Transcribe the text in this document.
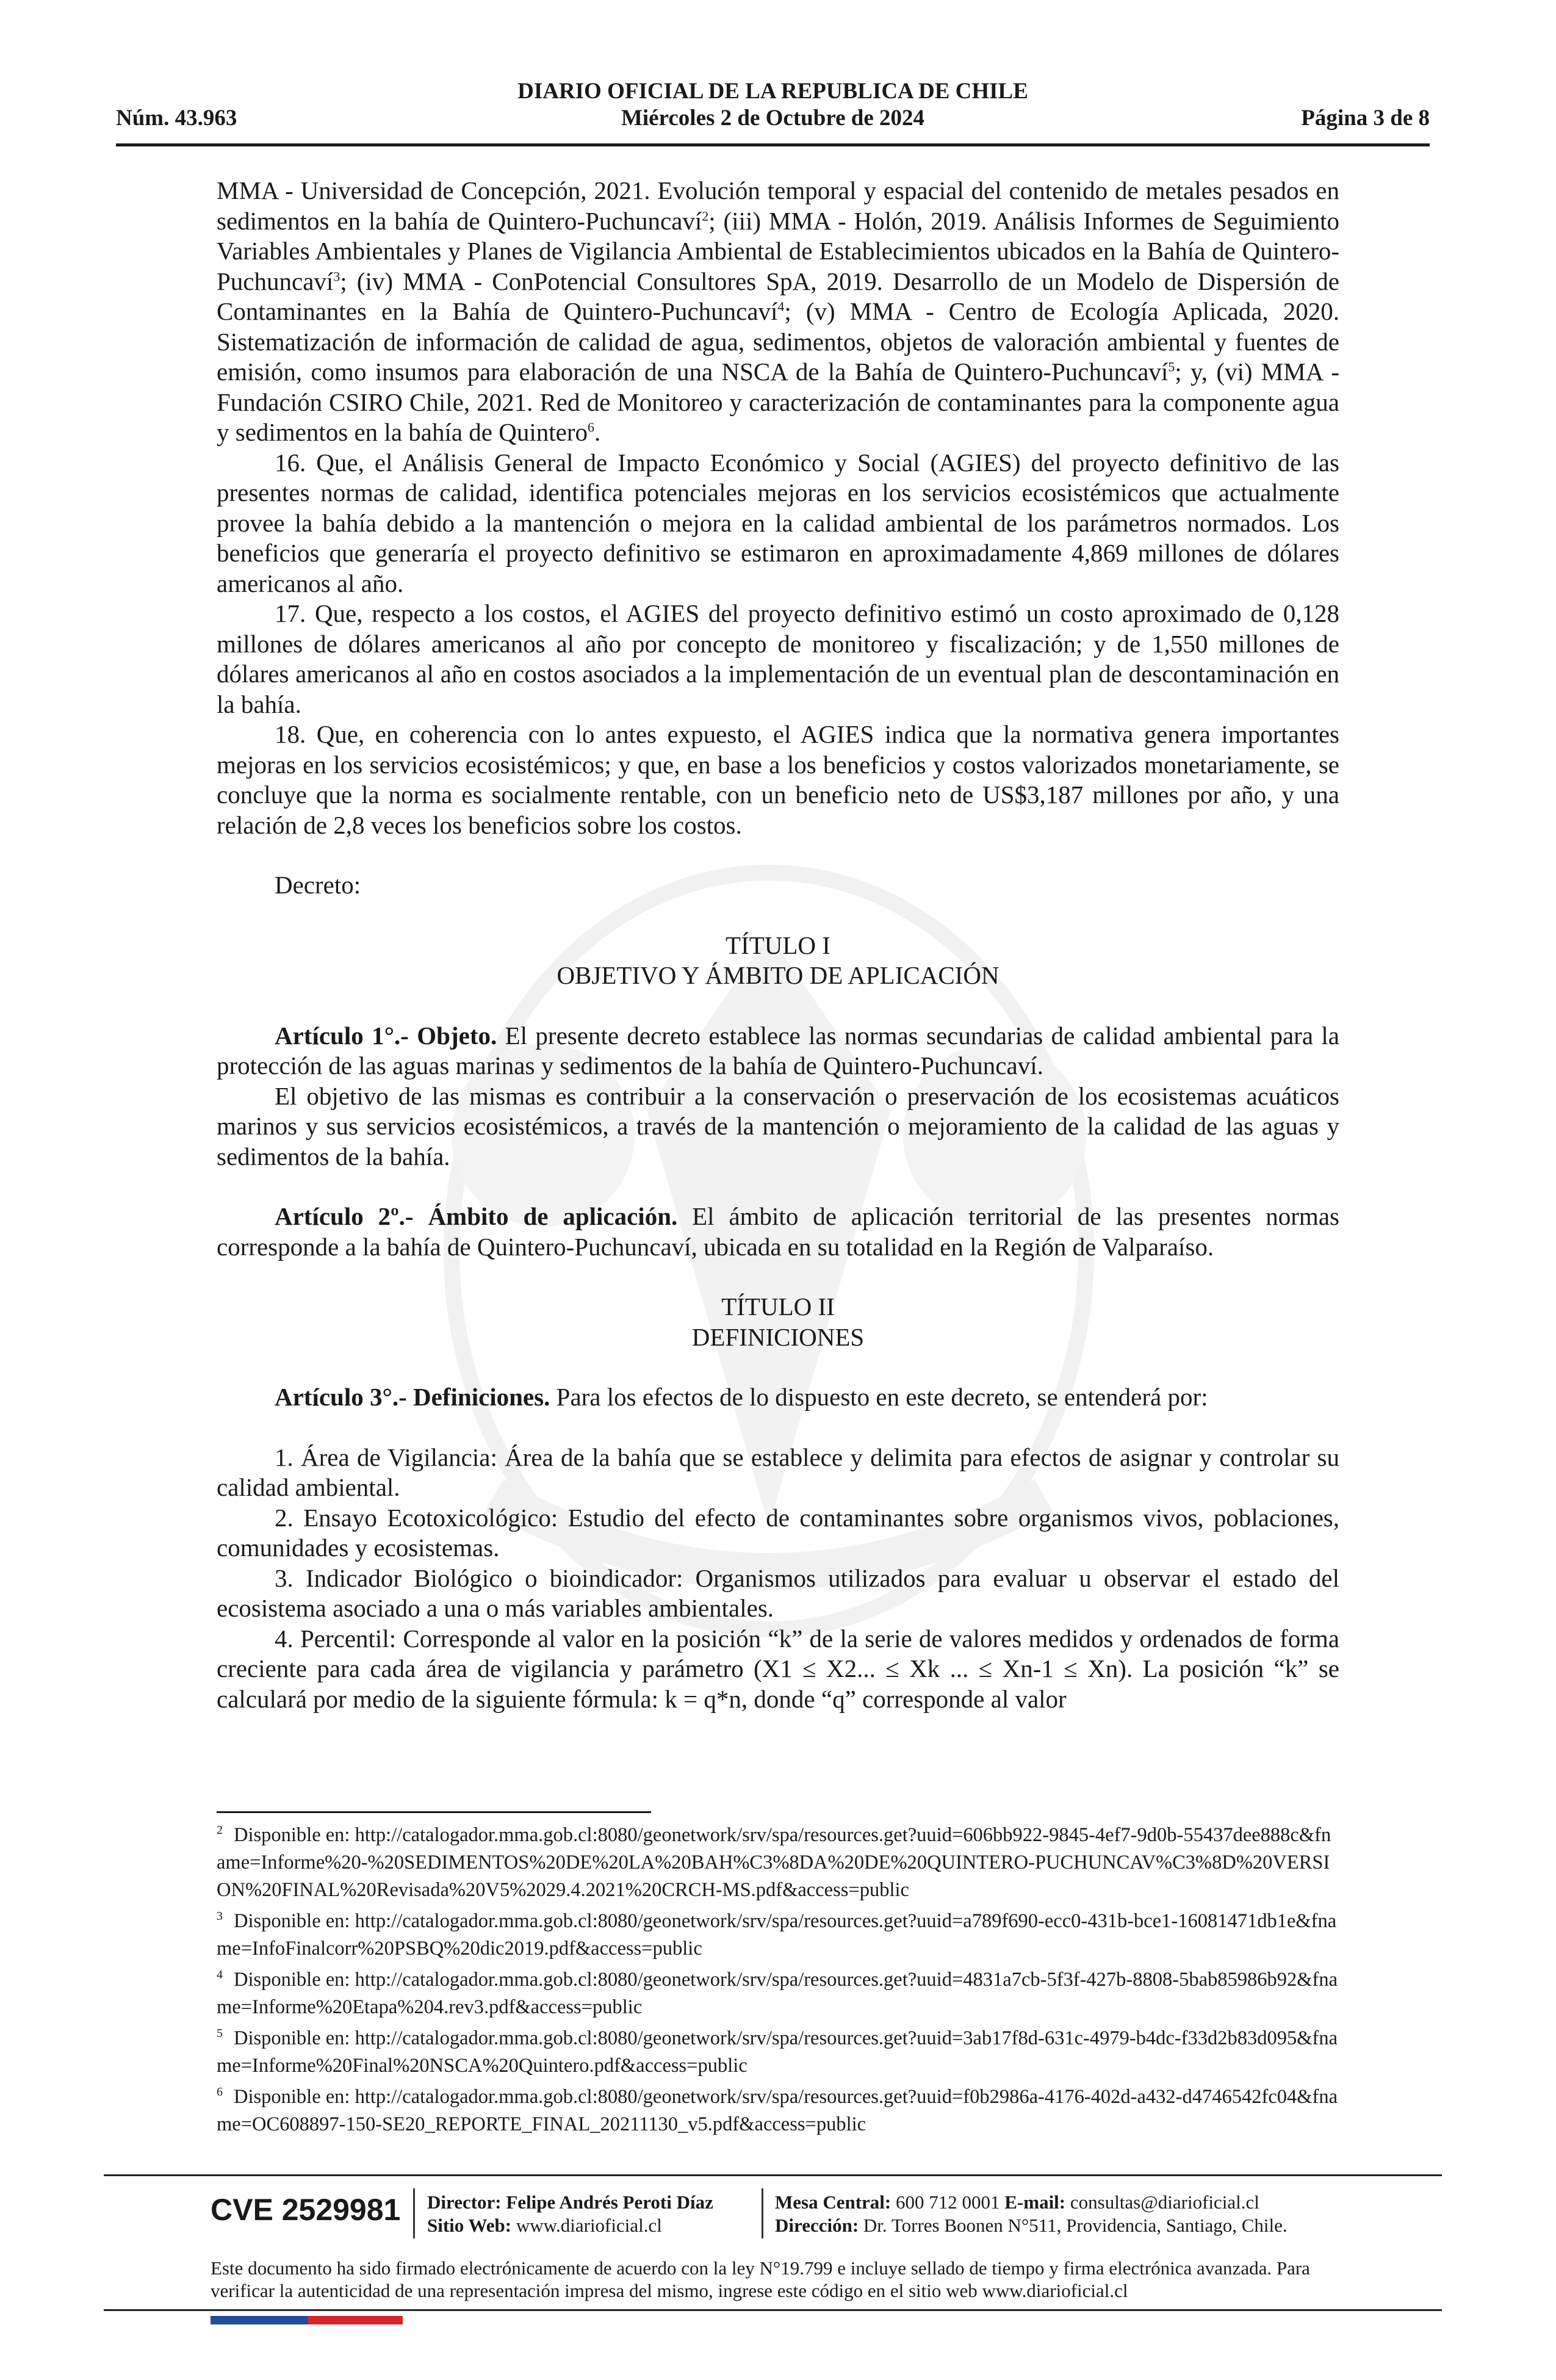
DIARIO OFICIAL DE LA REPUBLICA DE CHILE
Núm. 43.963	Miércoles 2 de Octubre de 2024	Página 3 de 8

MMA - Universidad de Concepción, 2021. Evolución temporal y espacial del contenido de metales pesados en sedimentos en la bahía de Quintero-Puchuncaví$^2$; (iii) MMA - Holón, 2019. Análisis Informes de Seguimiento Variables Ambientales y Planes de Vigilancia Ambiental de Establecimientos ubicados en la Bahía de Quintero-Puchuncaví$^3$; (iv) MMA - ConPotencial Consultores SpA, 2019. Desarrollo de un Modelo de Dispersión de Contaminantes en la Bahía de Quintero-Puchuncaví$^4$; (v) MMA - Centro de Ecología Aplicada, 2020. Sistematización de información de calidad de agua, sedimentos, objetos de valoración ambiental y fuentes de emisión, como insumos para elaboración de una NSCA de la Bahía de Quintero-Puchuncaví$^5$; y, (vi) MMA - Fundación CSIRO Chile, 2021. Red de Monitoreo y caracterización de contaminantes para la componente agua y sedimentos en la bahía de Quintero$^6$.

16. Que, el Análisis General de Impacto Económico y Social (AGIES) del proyecto definitivo de las presentes normas de calidad, identifica potenciales mejoras en los servicios ecosistémicos que actualmente provee la bahía debido a la mantención o mejora en la calidad ambiental de los parámetros normados. Los beneficios que generaría el proyecto definitivo se estimaron en aproximadamente 4,869 millones de dólares americanos al año.

17. Que, respecto a los costos, el AGIES del proyecto definitivo estimó un costo aproximado de 0,128 millones de dólares americanos al año por concepto de monitoreo y fiscalización; y de 1,550 millones de dólares americanos al año en costos asociados a la implementación de un eventual plan de descontaminación en la bahía.

18. Que, en coherencia con lo antes expuesto, el AGIES indica que la normativa genera importantes mejoras en los servicios ecosistémicos; y que, en base a los beneficios y costos valorizados monetariamente, se concluye que la norma es socialmente rentable, con un beneficio neto de US$3,187 millones por año, y una relación de 2,8 veces los beneficios sobre los costos.

Decreto:

TÍTULO I

OBJETIVO Y ÁMBITO DE APLICACIÓN

Artículo 1°.- Objeto. El presente decreto establece las normas secundarias de calidad ambiental para la protección de las aguas marinas y sedimentos de la bahía de Quintero-Puchuncaví.

El objetivo de las mismas es contribuir a la conservación o preservación de los ecosistemas acuáticos marinos y sus servicios ecosistémicos, a través de la mantención o mejoramiento de la calidad de las aguas y sedimentos de la bahía.

Artículo 2º.- Ámbito de aplicación. El ámbito de aplicación territorial de las presentes normas corresponde a la bahía de Quintero-Puchuncaví, ubicada en su totalidad en la Región de Valparaíso.

TÍTULO II

DEFINICIONES

Artículo 3°.- Definiciones. Para los efectos de lo dispuesto en este decreto, se entenderá por:

1. Área de Vigilancia: Área de la bahía que se establece y delimita para efectos de asignar y controlar su calidad ambiental.

2. Ensayo Ecotoxicológico: Estudio del efecto de contaminantes sobre organismos vivos, poblaciones, comunidades y ecosistemas.

3. Indicador Biológico o bioindicador: Organismos utilizados para evaluar u observar el estado del ecosistema asociado a una o más variables ambientales.

4. Percentil: Corresponde al valor en la posición “k” de la serie de valores medidos y ordenados de forma creciente para cada área de vigilancia y parámetro (X1 ≤ X2... ≤ Xk ... ≤ Xn-1 ≤ Xn). La posición “k” se calculará por medio de la siguiente fórmula: k = q*n, donde “q” corresponde al valor

$^2$ Disponible en: http://catalogador.mma.gob.cl:8080/geonetwork/srv/spa/resources.get?uuid=606bb922-9845-4ef7-9d0b-55437dee888c&fname=Informe%20-%20SEDIMENTOS%20DE%20LA%20BAH%C3%8DA%20DE%20QUINTERO-PUCHUNCAV%C3%8D%20VERSION%20FINAL%20Revisada%20V5%2029.4.2021%20CRCH-MS.pdf&access=public

$^3$ Disponible en: http://catalogador.mma.gob.cl:8080/geonetwork/srv/spa/resources.get?uuid=a789f690-ecc0-431b-bce1-16081471db1e&fname=InfoFinalcorr%20PSBQ%20dic2019.pdf&access=public

$^4$ Disponible en: http://catalogador.mma.gob.cl:8080/geonetwork/srv/spa/resources.get?uuid=4831a7cb-5f3f-427b-8808-5bab85986b92&fname=Informe%20Etapa%204.rev3.pdf&access=public

$^5$ Disponible en: http://catalogador.mma.gob.cl:8080/geonetwork/srv/spa/resources.get?uuid=3ab17f8d-631c-4979-b4dc-f33d2b83d095&fname=Informe%20Final%20NSCA%20Quintero.pdf&access=public

$^6$ Disponible en: http://catalogador.mma.gob.cl:8080/geonetwork/srv/spa/resources.get?uuid=f0b2986a-4176-402d-a432-d4746542fc04&fname=OC608897-150-SE20_REPORTE_FINAL_20211130_v5.pdf&access=public

CVE 2529981 Director: Felipe Andrés Peroti Díaz
Sitio Web: www.diarioficial.cl
Mesa Central: 600 712 0001 E-mail: consultas@diarioficial.cl
Dirección: Dr. Torres Boonen N°511, Providencia, Santiago, Chile.
Este documento ha sido firmado electrónicamente de acuerdo con la ley N°19.799 e incluye sellado de tiempo y firma electrónica avanzada. Para verificar la autenticidad de una representación impresa del mismo, ingrese este código en el sitio web www.diarioficial.cl
